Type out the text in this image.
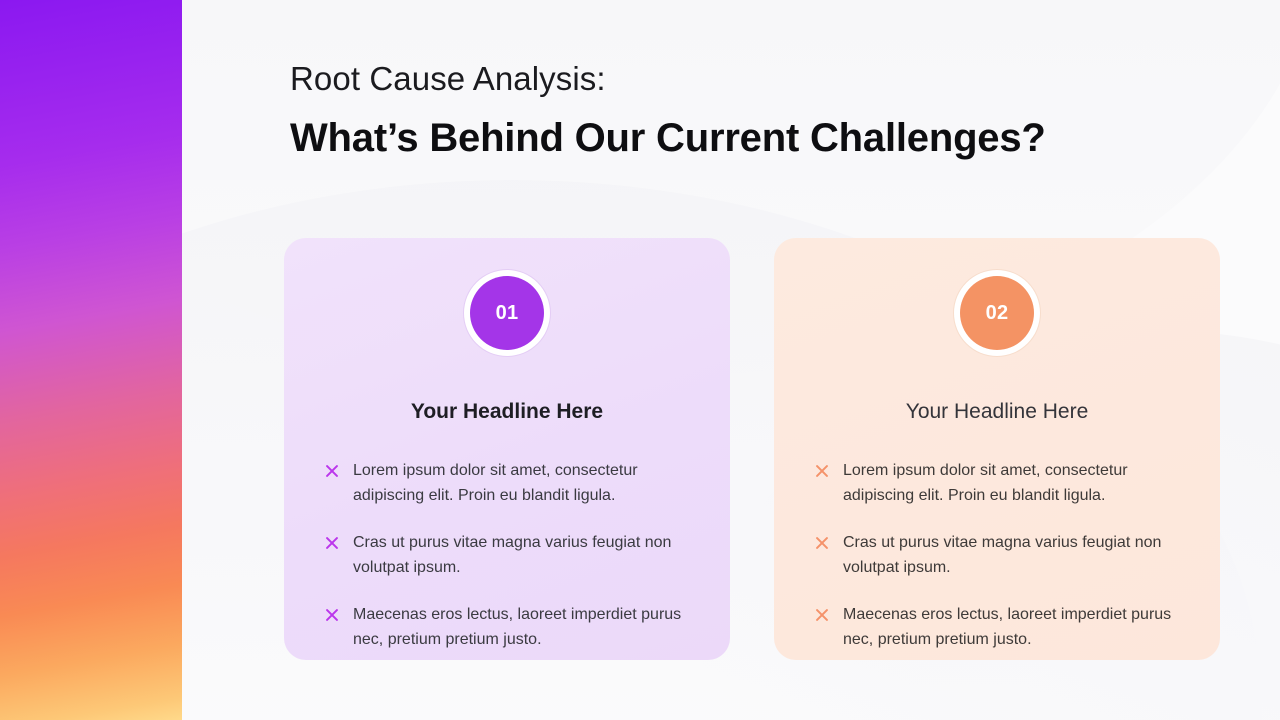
Root Cause Analysis:
What’s Behind Our Current Challenges?
01
Your Headline Here
Lorem ipsum dolor sit amet, consectetur adipiscing elit. Proin eu blandit ligula.
Cras ut purus vitae magna varius feugiat non volutpat ipsum.
Maecenas eros lectus, laoreet imperdiet purus nec, pretium pretium justo.
02
Your Headline Here
Lorem ipsum dolor sit amet, consectetur adipiscing elit. Proin eu blandit ligula.
Cras ut purus vitae magna varius feugiat non volutpat ipsum.
Maecenas eros lectus, laoreet imperdiet purus nec, pretium pretium justo.
